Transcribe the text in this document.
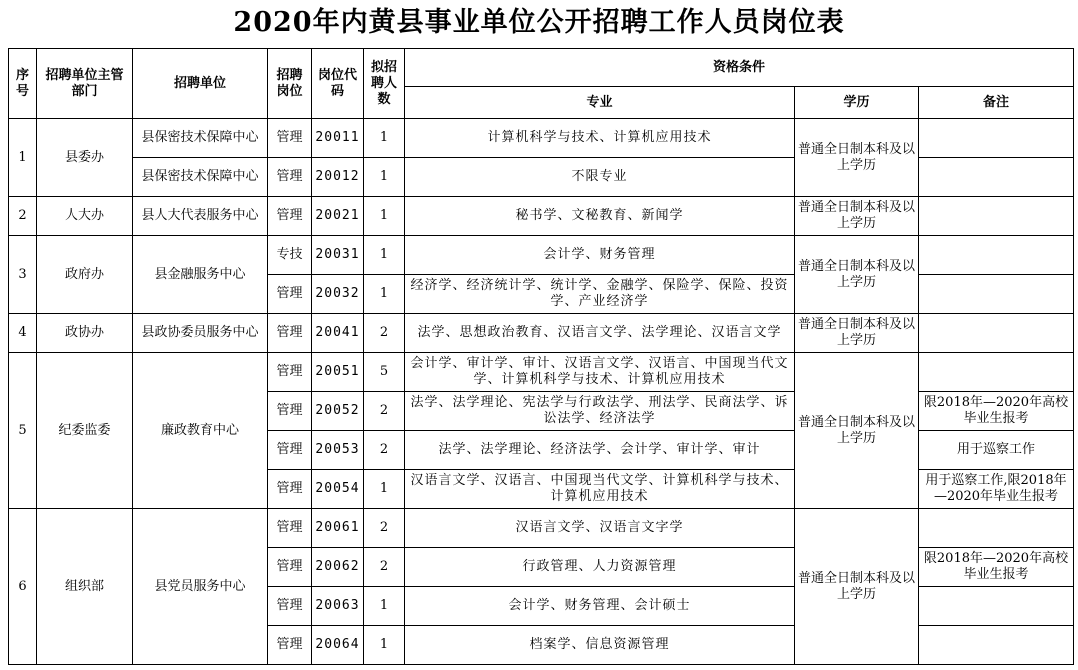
2020年内黄县事业单位公开招聘工作人员岗位表
序号	招聘单位主管部门	招聘单位	招聘岗位	岗位代码	拟招聘人数	资格条件		
						专业	学历	备注
1	县委办	县保密技术保障中心	管理	20011	1	计算机科学与技术、计算机应用技术	普通全日制本科及以上学历	
		县保密技术保障中心	管理	20012	1	不限专业		
2	人大办	县人大代表服务中心	管理	20021	1	秘书学、文秘教育、新闻学	普通全日制本科及以上学历	
3	政府办	县金融服务中心	专技	20031	1	会计学、财务管理	普通全日制本科及以上学历	
			管理	20032	1	经济学、经济统计学、统计学、金融学、保险学、保险、投资学、产业经济学		
4	政协办	县政协委员服务中心	管理	20041	2	法学、思想政治教育、汉语言文学、法学理论、汉语言文学	普通全日制本科及以上学历	
5	纪委监委	廉政教育中心	管理	20051	5	会计学、审计学、审计、汉语言文学、汉语言、中国现当代文学、计算机科学与技术、计算机应用技术	普通全日制本科及以上学历	
			管理	20052	2	法学、法学理论、宪法学与行政法学、刑法学、民商法学、诉讼法学、经济法学		限2018年—2020年高校毕业生报考
			管理	20053	2	法学、法学理论、经济法学、会计学、审计学、审计		用于巡察工作
			管理	20054	1	汉语言文学、汉语言、中国现当代文学、计算机科学与技术、计算机应用技术		用于巡察工作,限2018年—2020年毕业生报考
6	组织部	县党员服务中心	管理	20061	2	汉语言文学、汉语言文字学	普通全日制本科及以上学历	
			管理	20062	2	行政管理、人力资源管理		限2018年—2020年高校毕业生报考
			管理	20063	1	会计学、财务管理、会计硕士		
			管理	20064	1	档案学、信息资源管理		
